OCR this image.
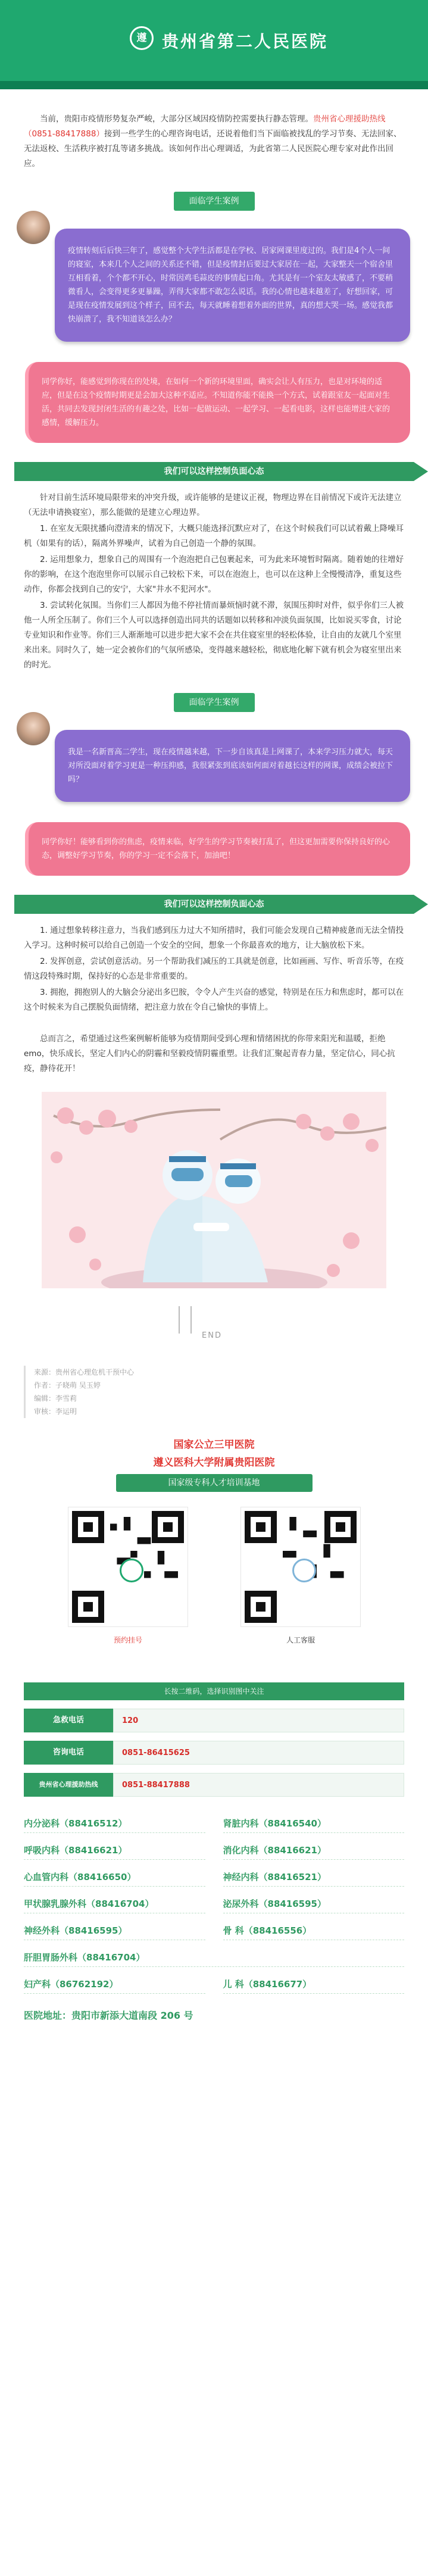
遵 贵州省第二人民医院

当前，贵阳市疫情形势复杂严峻，大部分区域因疫情防控需要执行静态管理。贵州省心理援助热线（0851-88417888）接到一些学生的心理咨询电话，还说着他们当下面临被找乱的学习节奏、无法回家、无法返校、生活秩序被打乱等诸多挑战。该如何作出心理调适，为此省第二人民医院心理专家对此作出回应。

面临学生案例
疫情转刻后后快三年了，感觉整个大学生活都是在学校、居家网课里度过的。我们是4个人一间的寝室，本来几个人之间的关系还不错，但是疫情封后要过大家居在一起，大家整天一个宿舍里互相看着，个个都不开心，时常因鸡毛蒜皮的事情起口角。尤其是有一个室友太敏感了，不要稍微看人，会变得更多更暴躁，弄得大家都不敢怎么说话。我的心情也越来越差了，好想回家，可是现在疫情发展到这个样子，回不去，每天就睡着想着外面的世界，真的想大哭一场。感觉我都快崩溃了，我不知道该怎么办？
同学你好，能感觉到你现在的处境，在如何一个新的环境里面，确实会让人有压力，也是对环境的适应，但是在这个疫情时期更是会加大这种不适应。不知道你能不能换一个方式，试着跟室友一起面对生活，共同去发现封闭生活的有趣之处，比如一起做运动、一起学习、一起看电影，这样也能增进大家的感情，缓解压力。
我们可以这样控制负面心态

针对目前生活环境局限带来的冲突升级，或许能够的是建议正视，物理边界在目前情况下或许无法建立（无法申请换寝室），那么能做的是建立心理边界。

1. 在室友无限扰播向澄清来的情况下，大概只能选择沉默应对了，在这个时候我们可以试着戴上降噪耳机（如果有的话），隔离外界噪声，试着为自己创造一个静的氛围。

2. 运用想象力，想象自己的周围有一个泡泡把自己包裹起来，可为此来环境暂时隔离。随着她的往增好你的影响，在这个泡泡里你可以展示自己较松下来，可以在泡泡上，也可以在这种上全慢慢清净，重复这些动作，你都会找到自己的安宁，大家"井水不犯河水"。

3. 尝试转化氛围。当你们三人都因为他不停社情而暴烦恼时就不滞，氛围压抑时对件，似乎你们三人被他一人所全压制了。你们三个人可以选择创造出同共的话题如以转移和冲淡负面氛围，比如说买零食，讨论专业知识和作业等。你们三人渐渐地可以进步把大家不会在共住寝室里的轻松体验，让自由的友就几个室里来出来。同时久了，她一定会被你们的气氛所感染，变得越来越轻松，彻底地化解下就有机会为寝室里出来的时光。

面临学生案例
我是一名新晋高二学生，现在疫情越来越，下一步自该真是上网课了，本来学习压力就大，每天对所没面对着学习更是一种压抑感，我很紧张到底该如何面对着越长这样的网课，成绩会被拉下吗？
同学你好！能够看到你的焦虑，疫情来临，好学生的学习节奏被打乱了，但这更加需要你保持良好的心态，调整好学习节奏，你的学习一定不会落下，加油吧！
我们可以这样控制负面心态

1. 通过想象转移注意力，当我们感到压力过大不知所措时，我们可能会发现自己精神疲惫而无法全情投入学习。这种时候可以给自己创造一个安全的空间，想象一个你最喜欢的地方，让大脑放松下来。

2. 发挥创意，尝试创意活动。另一个帮助我们减压的工具就是创意，比如画画、写作、听音乐等，在疫情这段特殊时期，保持好的心态是非常重要的。

3. 拥抱，拥抱别人的大脑会分泌出多巴胺，令令人产生兴奋的感觉，特别是在压力和焦虑时，都可以在这个时候来为自己摆脱负面情绪，把注意力放在令自己愉快的事情上。

总而言之，希望通过这些案例解析能够为疫情期间受到心理和情绪困扰的你带来阳光和温暖，拒绝emo，快乐成长，坚定人们内心的阴霾和坚毅疫情阴霾重塑。让我们汇聚起青春力量，坚定信心，同心抗疫，静待花开！

END
来源：贵州省心理危机干预中心
作者：子晓萌 吴玉婷
编辑：李雪莉
审核：李运明
国家公立三甲医院
遵义医科大学附属贵阳医院
国家级专科人才培训基地
预约挂号	人工客服
长按二维码，选择识别图中关注
急救电话	120
咨询电话	0851-86415625
贵州省心理援助热线	0851-88417888
内分泌科（88416512）	肾脏内科（88416540）
呼吸内科（88416621）	消化内科（88416621）
心血管内科（88416650）	神经内科（88416521）
甲状腺乳腺外科（88416704）	泌尿外科（88416595）
神经外科（88416595）	骨 科（88416556）
肝胆胃肠外科（88416704）
妇产科（86762192）	儿 科（88416677）
医院地址：贵阳市新添大道南段 206 号
